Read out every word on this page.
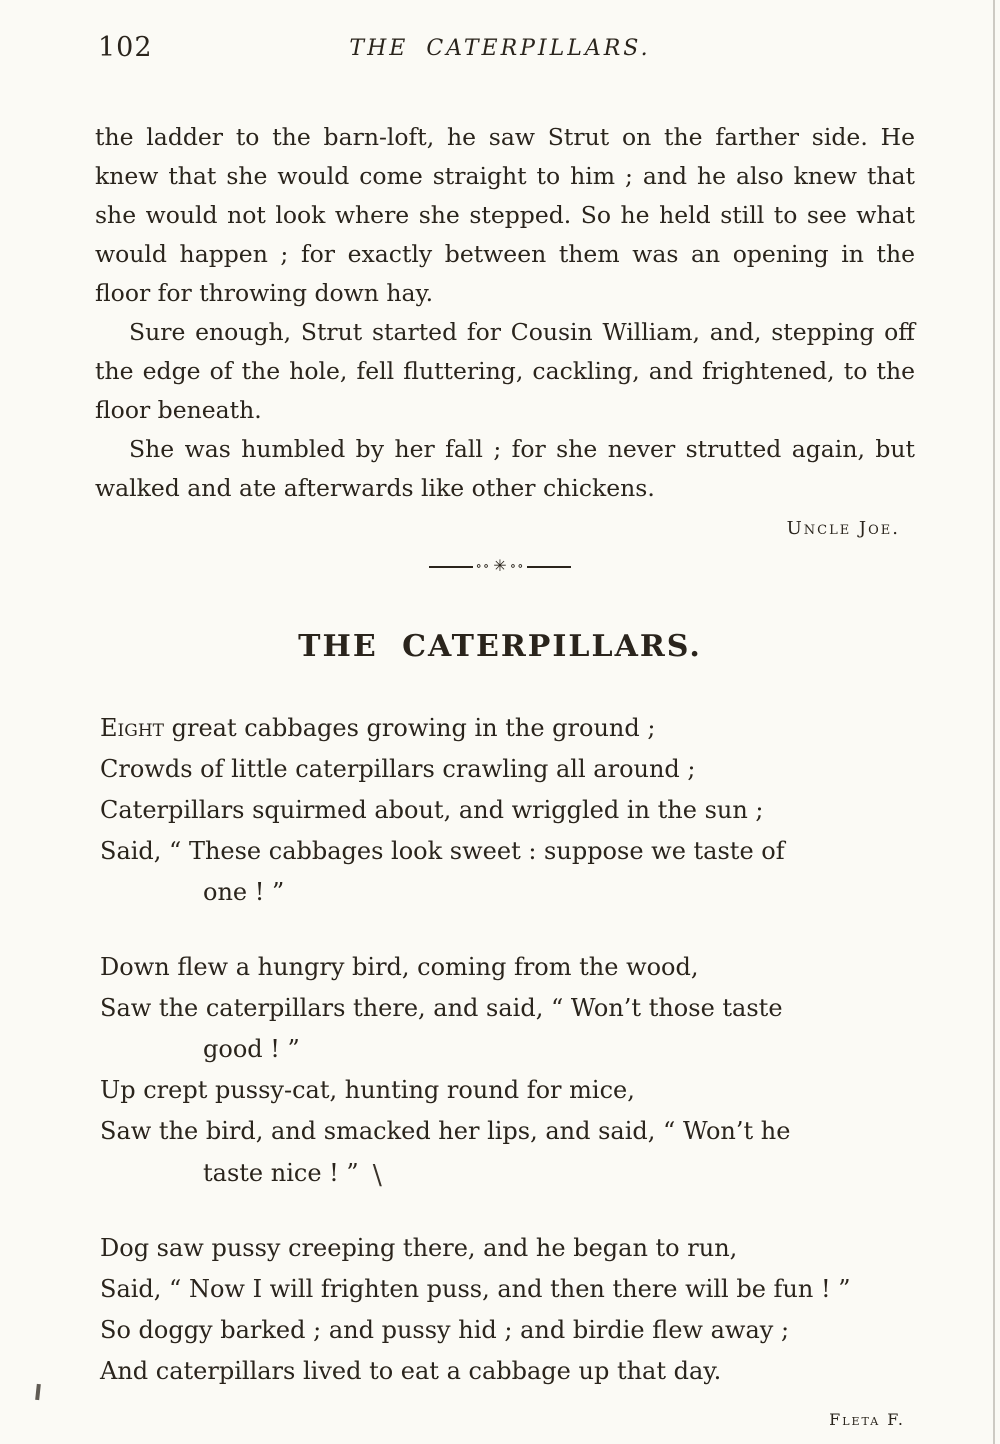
102	THE CATERPILLARS.

the ladder to the barn-loft, he saw Strut on the farther side. He knew that she would come straight to him ; and he also knew that she would not look where she stepped. So he held still to see what would happen ; for exactly between them was an opening in the floor for throwing down hay.

Sure enough, Strut started for Cousin William, and, stepping off the edge of the hole, fell fluttering, cackling, and frightened, to the floor beneath.

She was humbled by her fall ; for she never strutted again, but walked and ate afterwards like other chickens.

Uncle Joe.
∘∘ ✳ ∘∘
THE CATERPILLARS.
Eight great cabbages growing in the ground ;
Crowds of little caterpillars crawling all around ;
Caterpillars squirmed about, and wriggled in the sun ;
Said, “ These cabbages look sweet : suppose we taste of
one ! ”
Down flew a hungry bird, coming from the wood,
Saw the caterpillars there, and said, “ Won’t those taste
good ! ”
Up crept pussy-cat, hunting round for mice,
Saw the bird, and smacked her lips, and said, “ Won’t he
taste nice ! ” \
Dog saw pussy creeping there, and he began to run,
Said, “ Now I will frighten puss, and then there will be fun ! ”
So doggy barked ; and pussy hid ; and birdie flew away ;
And caterpillars lived to eat a cabbage up that day.
Fleta F.
